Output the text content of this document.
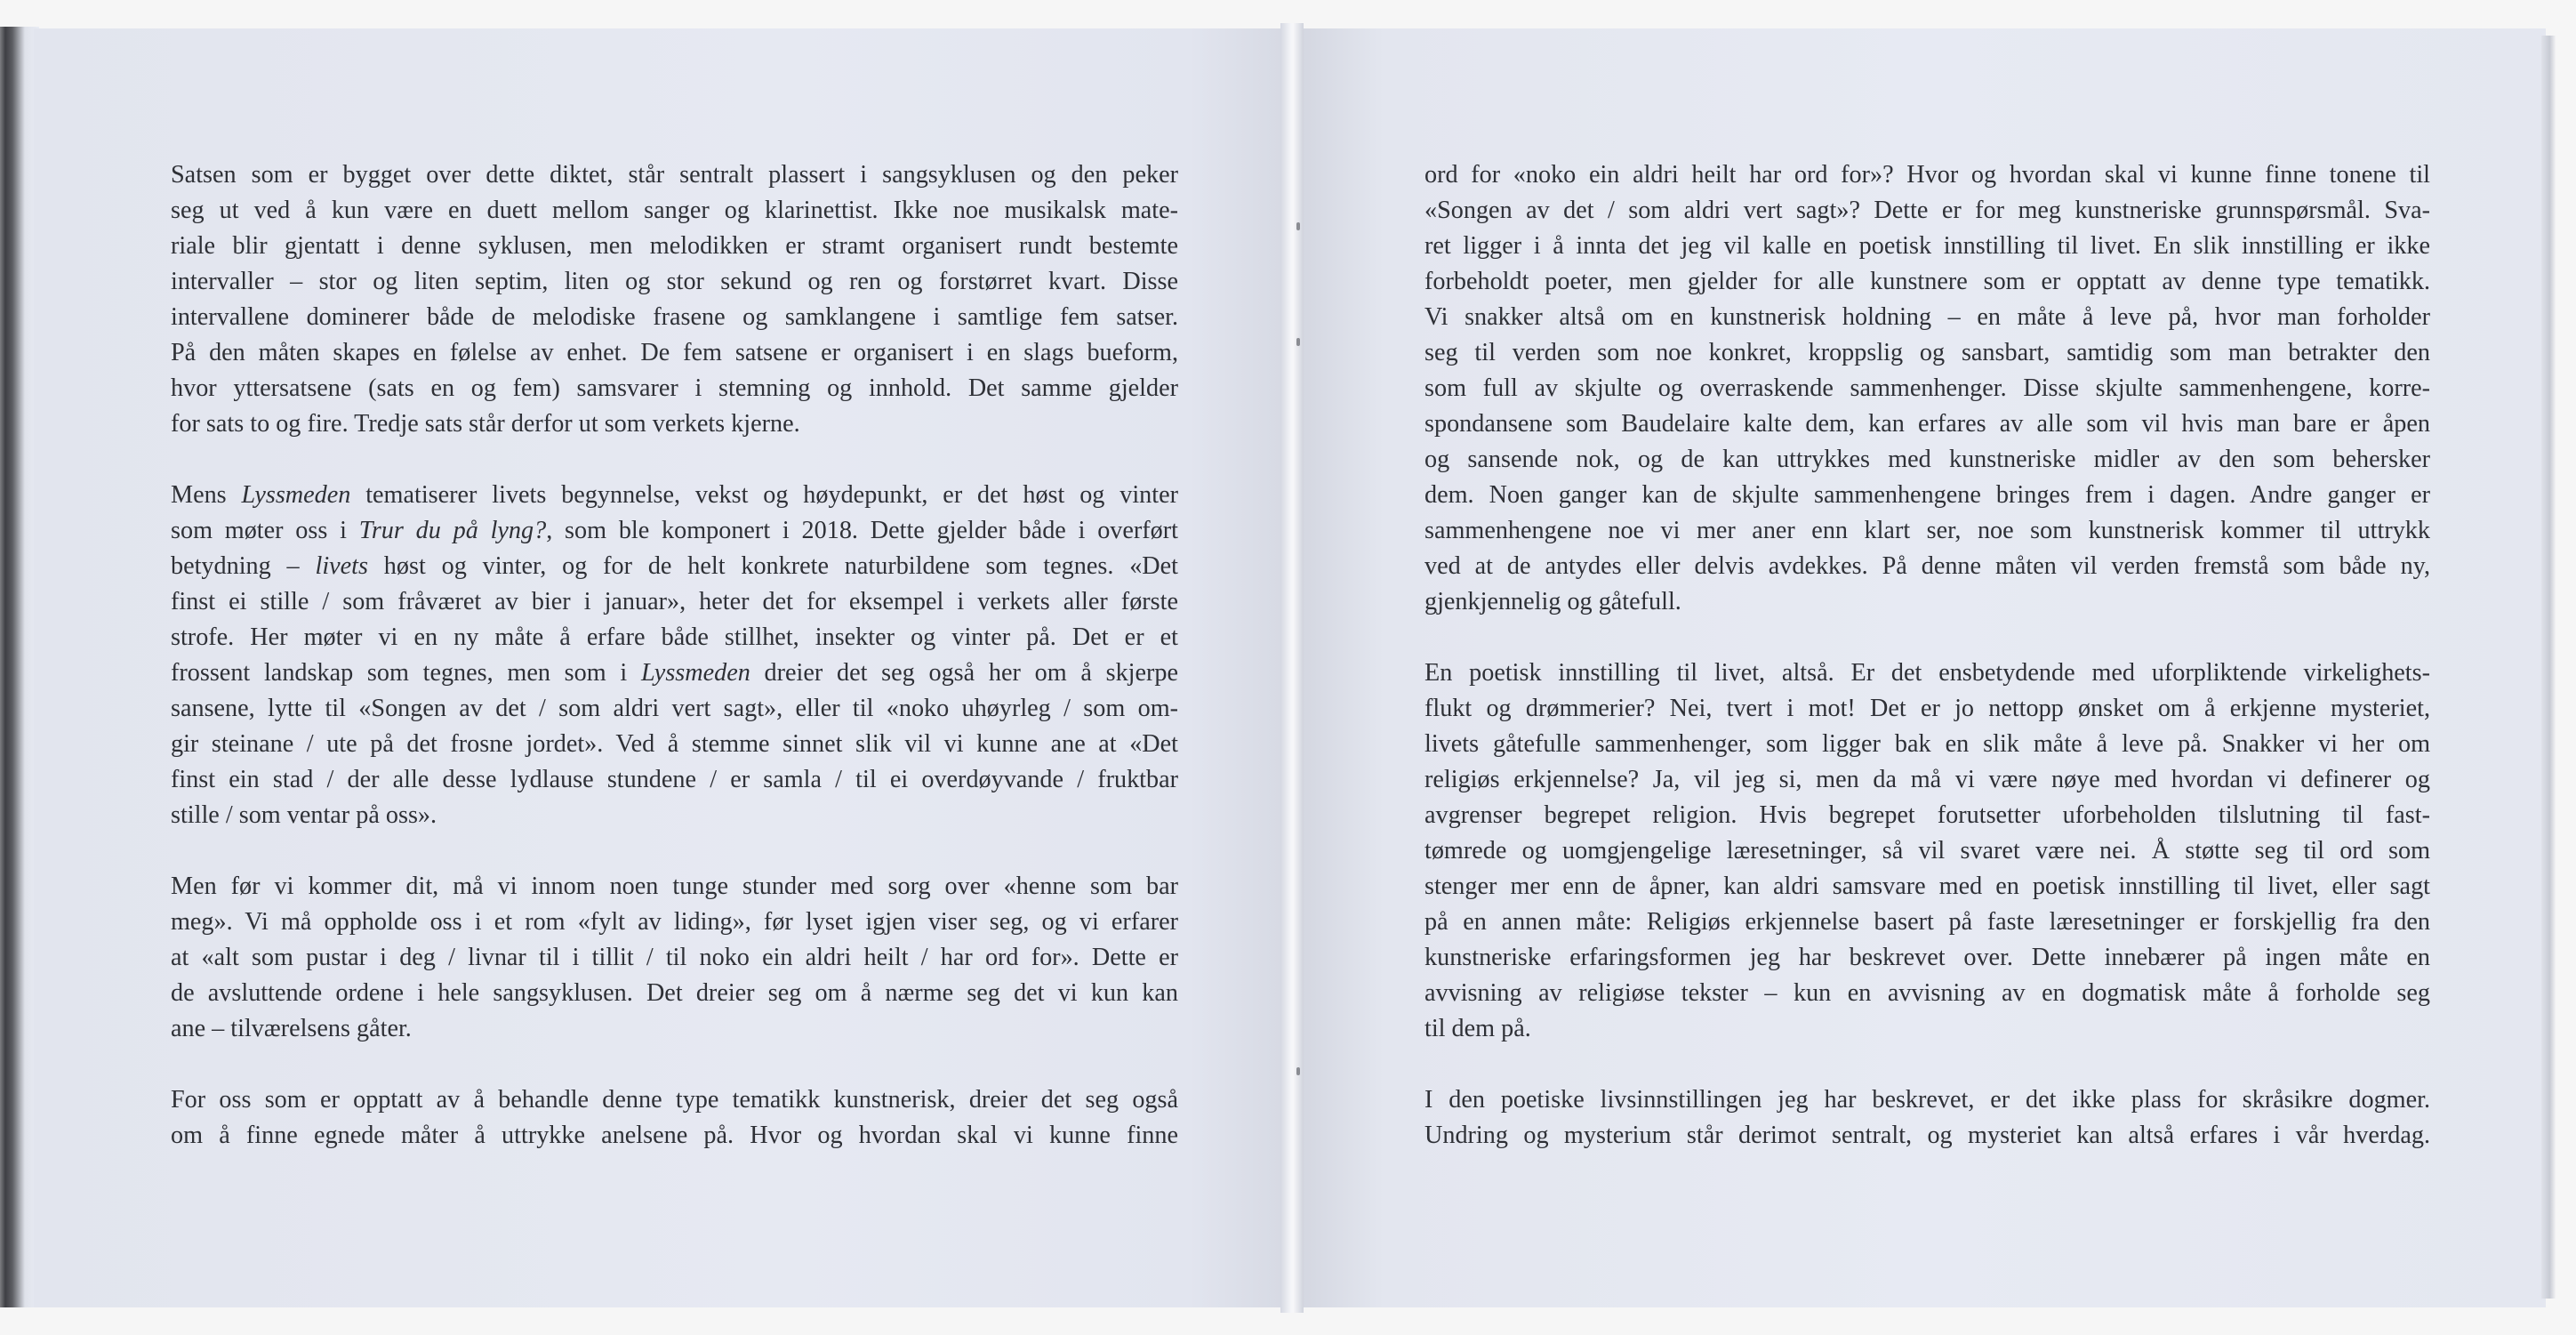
Satsen som er bygget over dette diktet, står sentralt plassert i sangsyklusen og den peker
seg ut ved å kun være en duett mellom sanger og klarinettist. Ikke noe musikalsk mate-
riale blir gjentatt i denne syklusen, men melodikken er stramt organisert rundt bestemte
intervaller – stor og liten septim, liten og stor sekund og ren og forstørret kvart. Disse
intervallene dominerer både de melodiske frasene og samklangene i samtlige fem satser.
På den måten skapes en følelse av enhet. De fem satsene er organisert i en slags bueform,
hvor yttersatsene (sats en og fem) samsvarer i stemning og innhold. Det samme gjelder
for sats to og fire. Tredje sats står derfor ut som verkets kjerne.

Mens Lyssmeden tematiserer livets begynnelse, vekst og høydepunkt, er det høst og vinter
som møter oss i Trur du på lyng?, som ble komponert i 2018. Dette gjelder både i overført
betydning – livets høst og vinter, og for de helt konkrete naturbildene som tegnes. «Det
finst ei stille / som fråværet av bier i januar», heter det for eksempel i verkets aller første
strofe. Her møter vi en ny måte å erfare både stillhet, insekter og vinter på. Det er et
frossent landskap som tegnes, men som i Lyssmeden dreier det seg også her om å skjerpe
sansene, lytte til «Songen av det / som aldri vert sagt», eller til «noko uhøyrleg / som om-
gir steinane / ute på det frosne jordet». Ved å stemme sinnet slik vil vi kunne ane at «Det
finst ein stad / der alle desse lydlause stundene / er samla / til ei overdøyvande / fruktbar
stille / som ventar på oss».

Men før vi kommer dit, må vi innom noen tunge stunder med sorg over «henne som bar
meg». Vi må oppholde oss i et rom «fylt av liding», før lyset igjen viser seg, og vi erfarer
at «alt som pustar i deg / livnar til i tillit / til noko ein aldri heilt / har ord for». Dette er
de avsluttende ordene i hele sangsyklusen. Det dreier seg om å nærme seg det vi kun kan
ane – tilværelsens gåter.

For oss som er opptatt av å behandle denne type tematikk kunstnerisk, dreier det seg også
om å finne egnede måter å uttrykke anelsene på. Hvor og hvordan skal vi kunne finne

ord for «noko ein aldri heilt har ord for»? Hvor og hvordan skal vi kunne finne tonene til
«Songen av det / som aldri vert sagt»? Dette er for meg kunstneriske grunnspørsmål. Sva-
ret ligger i å innta det jeg vil kalle en poetisk innstilling til livet. En slik innstilling er ikke
forbeholdt poeter, men gjelder for alle kunstnere som er opptatt av denne type tematikk.
Vi snakker altså om en kunstnerisk holdning – en måte å leve på, hvor man forholder
seg til verden som noe konkret, kroppslig og sansbart, samtidig som man betrakter den
som full av skjulte og overraskende sammenhenger. Disse skjulte sammenhengene, korre-
spondansene som Baudelaire kalte dem, kan erfares av alle som vil hvis man bare er åpen
og sansende nok, og de kan uttrykkes med kunstneriske midler av den som behersker
dem. Noen ganger kan de skjulte sammenhengene bringes frem i dagen. Andre ganger er
sammenhengene noe vi mer aner enn klart ser, noe som kunstnerisk kommer til uttrykk
ved at de antydes eller delvis avdekkes. På denne måten vil verden fremstå som både ny,
gjenkjennelig og gåtefull.

En poetisk innstilling til livet, altså. Er det ensbetydende med uforpliktende virkelighets-
flukt og drømmerier? Nei, tvert i mot! Det er jo nettopp ønsket om å erkjenne mysteriet,
livets gåtefulle sammenhenger, som ligger bak en slik måte å leve på. Snakker vi her om
religiøs erkjennelse? Ja, vil jeg si, men da må vi være nøye med hvordan vi definerer og
avgrenser begrepet religion. Hvis begrepet forutsetter uforbeholden tilslutning til fast-
tømrede og uomgjengelige læresetninger, så vil svaret være nei. Å støtte seg til ord som
stenger mer enn de åpner, kan aldri samsvare med en poetisk innstilling til livet, eller sagt
på en annen måte: Religiøs erkjennelse basert på faste læresetninger er forskjellig fra den
kunstneriske erfaringsformen jeg har beskrevet over. Dette innebærer på ingen måte en
avvisning av religiøse tekster – kun en avvisning av en dogmatisk måte å forholde seg
til dem på.

I den poetiske livsinnstillingen jeg har beskrevet, er det ikke plass for skråsikre dogmer.
Undring og mysterium står derimot sentralt, og mysteriet kan altså erfares i vår hverdag.
